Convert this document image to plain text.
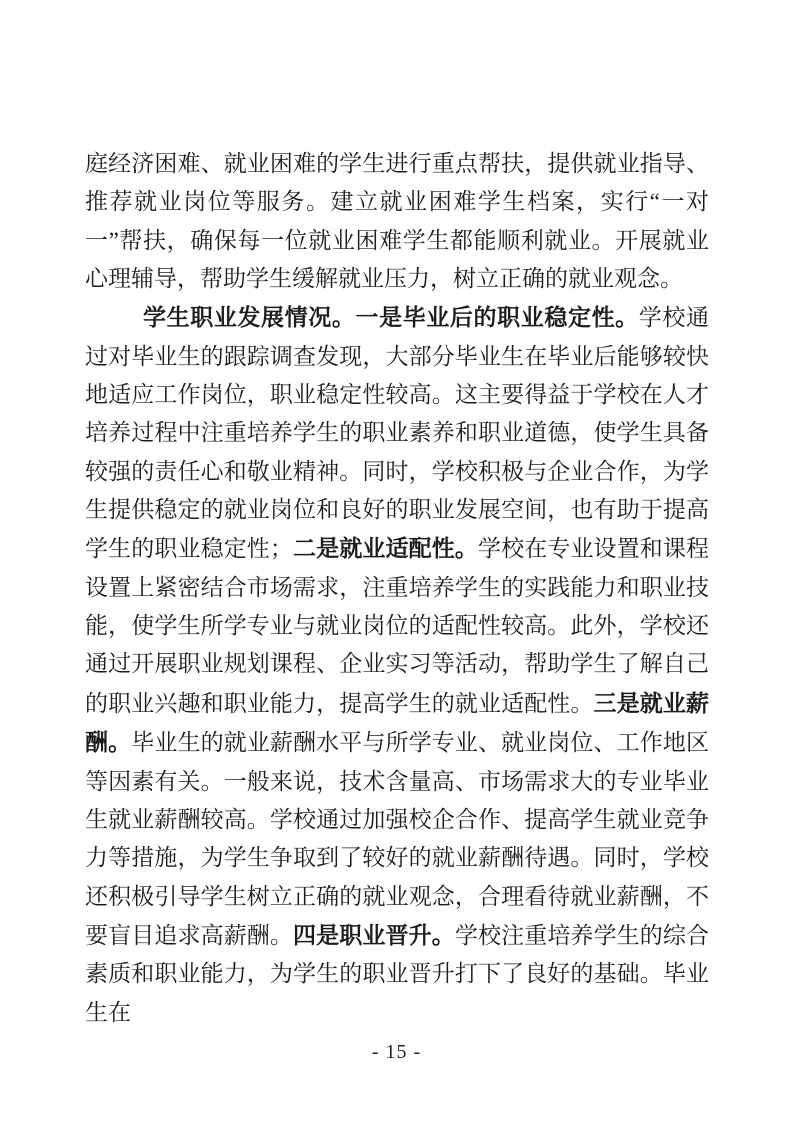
庭经济困难、就业困难的学生进行重点帮扶，提供就业指导、推荐就业岗位等服务。建立就业困难学生档案，实行“一对一”帮扶，确保每一位就业困难学生都能顺利就业。开展就业心理辅导，帮助学生缓解就业压力，树立正确的就业观念。

学生职业发展情况。一是毕业后的职业稳定性。学校通过对毕业生的跟踪调查发现，大部分毕业生在毕业后能够较快地适应工作岗位，职业稳定性较高。这主要得益于学校在人才培养过程中注重培养学生的职业素养和职业道德，使学生具备较强的责任心和敬业精神。同时，学校积极与企业合作，为学生提供稳定的就业岗位和良好的职业发展空间，也有助于提高学生的职业稳定性；二是就业适配性。学校在专业设置和课程设置上紧密结合市场需求，注重培养学生的实践能力和职业技能，使学生所学专业与就业岗位的适配性较高。此外，学校还通过开展职业规划课程、企业实习等活动，帮助学生了解自己的职业兴趣和职业能力，提高学生的就业适配性。三是就业薪酬。毕业生的就业薪酬水平与所学专业、就业岗位、工作地区等因素有关。一般来说，技术含量高、市场需求大的专业毕业生就业薪酬较高。学校通过加强校企合作、提高学生就业竞争力等措施，为学生争取到了较好的就业薪酬待遇。同时，学校还积极引导学生树立正确的就业观念，合理看待就业薪酬，不要盲目追求高薪酬。四是职业晋升。学校注重培养学生的综合素质和职业能力，为学生的职业晋升打下了良好的基础。毕业生在

- 15 -
